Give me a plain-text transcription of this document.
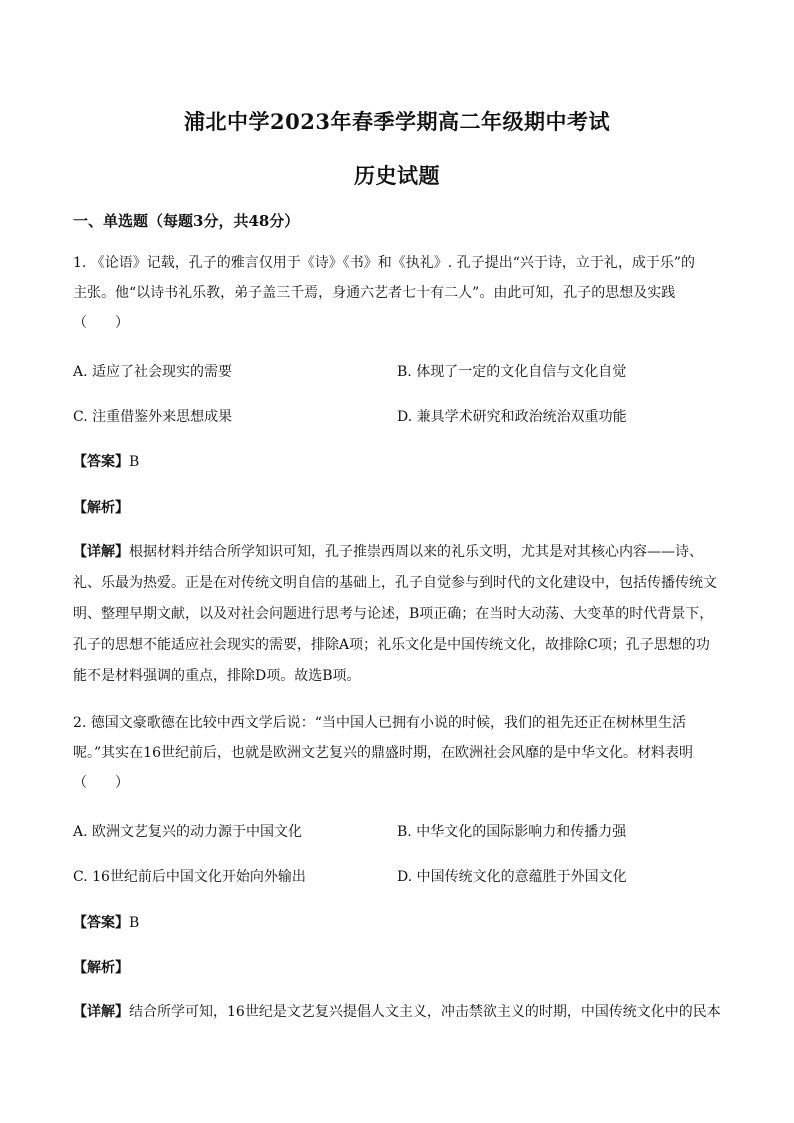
浦北中学2023年春季学期高二年级期中考试
历史试题
一、单选题（每题3分，共48分）
1. 《论语》记载，孔子的雅言仅用于《诗》《书》和《执礼》. 孔子提出“兴于诗，立于礼，成于乐”的
主张。他“以诗书礼乐教，弟子盖三千焉，身通六艺者七十有二人”。由此可知，孔子的思想及实践
（　　）
A. 适应了社会现实的需要	B. 体现了一定的文化自信与文化自觉
C. 注重借鉴外来思想成果	D. 兼具学术研究和政治统治双重功能
【答案】B
【解析】

【详解】根据材料并结合所学知识可知，孔子推崇西周以来的礼乐文明，尤其是对其核心内容——诗、

礼、乐最为热爱。正是在对传统文明自信的基础上，孔子自觉参与到时代的文化建设中，包括传播传统文

明、整理早期文献，以及对社会问题进行思考与论述，B项正确；在当时大动荡、大变革的时代背景下，

孔子的思想不能适应社会现实的需要，排除A项；礼乐文化是中国传统文化，故排除C项；孔子思想的功

能不是材料强调的重点，排除D项。故选B项。

2. 德国文豪歌德在比较中西文学后说：“当中国人已拥有小说的时候，我们的祖先还正在树林里生活
呢。”其实在16世纪前后，也就是欧洲文艺复兴的鼎盛时期，在欧洲社会风靡的是中华文化。材料表明
（　　）
A. 欧洲文艺复兴的动力源于中国文化	B. 中华文化的国际影响力和传播力强
C. 16世纪前后中国文化开始向外输出	D. 中国传统文化的意蕴胜于外国文化
【答案】B
【解析】

【详解】结合所学可知，16世纪是文艺复兴提倡人文主义，冲击禁欲主义的时期，中国传统文化中的民本
